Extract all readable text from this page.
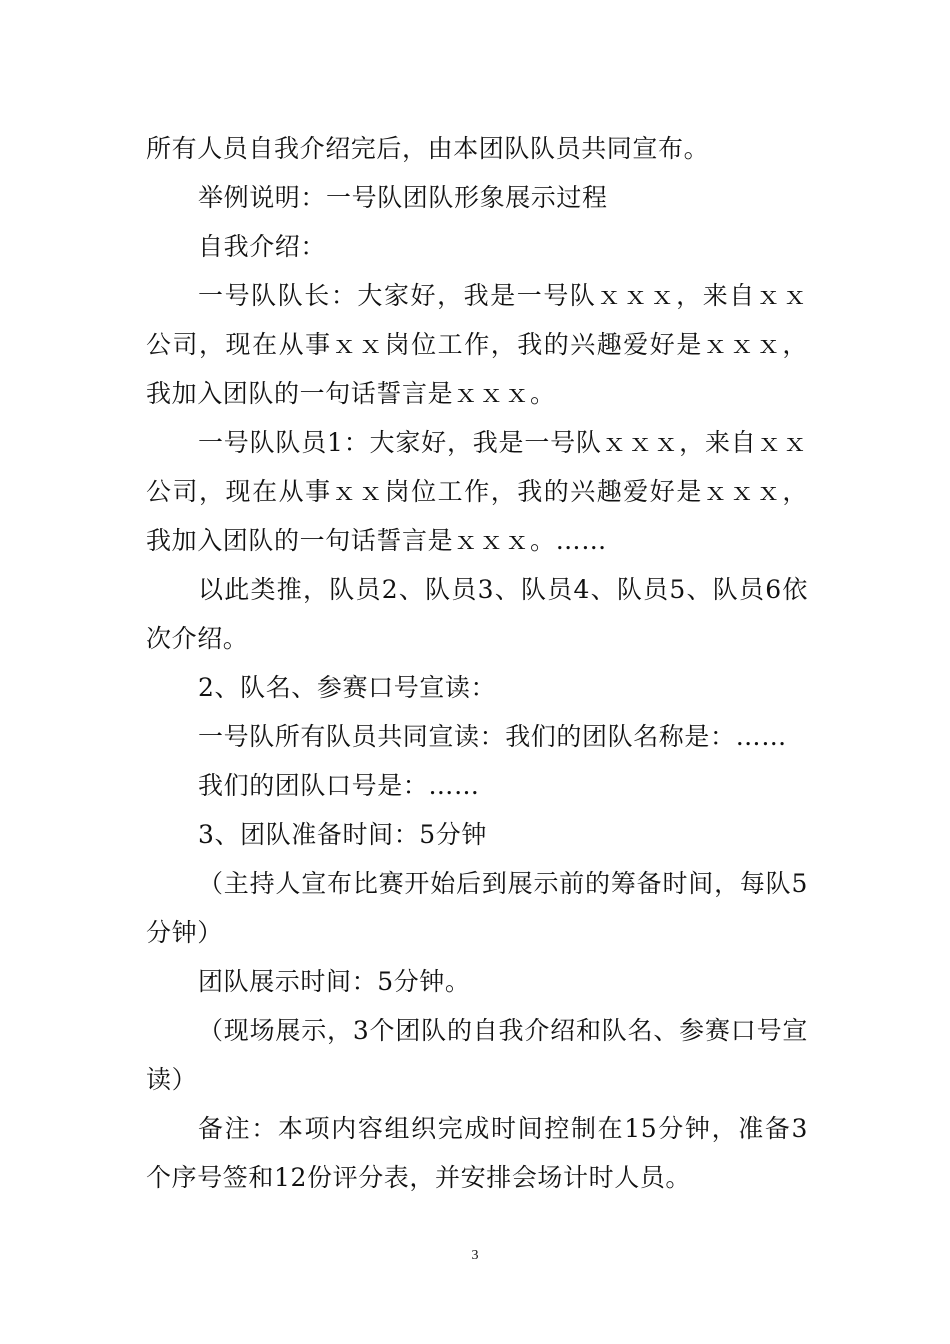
所有人员自我介绍完后，由本团队队员共同宣布。

举例说明：一号队团队形象展示过程

自我介绍：

一号队队长：大家好，我是一号队ｘｘｘ，来自ｘｘ公司，现在从事ｘｘ岗位工作，我的兴趣爱好是ｘｘｘ，我加入团队的一句话誓言是ｘｘｘ。

一号队队员1：大家好，我是一号队ｘｘｘ，来自ｘｘ公司，现在从事ｘｘ岗位工作，我的兴趣爱好是ｘｘｘ，我加入团队的一句话誓言是ｘｘｘ。……

以此类推，队员2、队员3、队员4、队员5、队员6依次介绍。

2、队名、参赛口号宣读：

一号队所有队员共同宣读：我们的团队名称是：……

我们的团队口号是：……

3、团队准备时间：5分钟

（主持人宣布比赛开始后到展示前的筹备时间，每队5分钟）

团队展示时间：5分钟。

（现场展示，3个团队的自我介绍和队名、参赛口号宣读）

备注：本项内容组织完成时间控制在15分钟，准备3个序号签和12份评分表，并安排会场计时人员。

3
